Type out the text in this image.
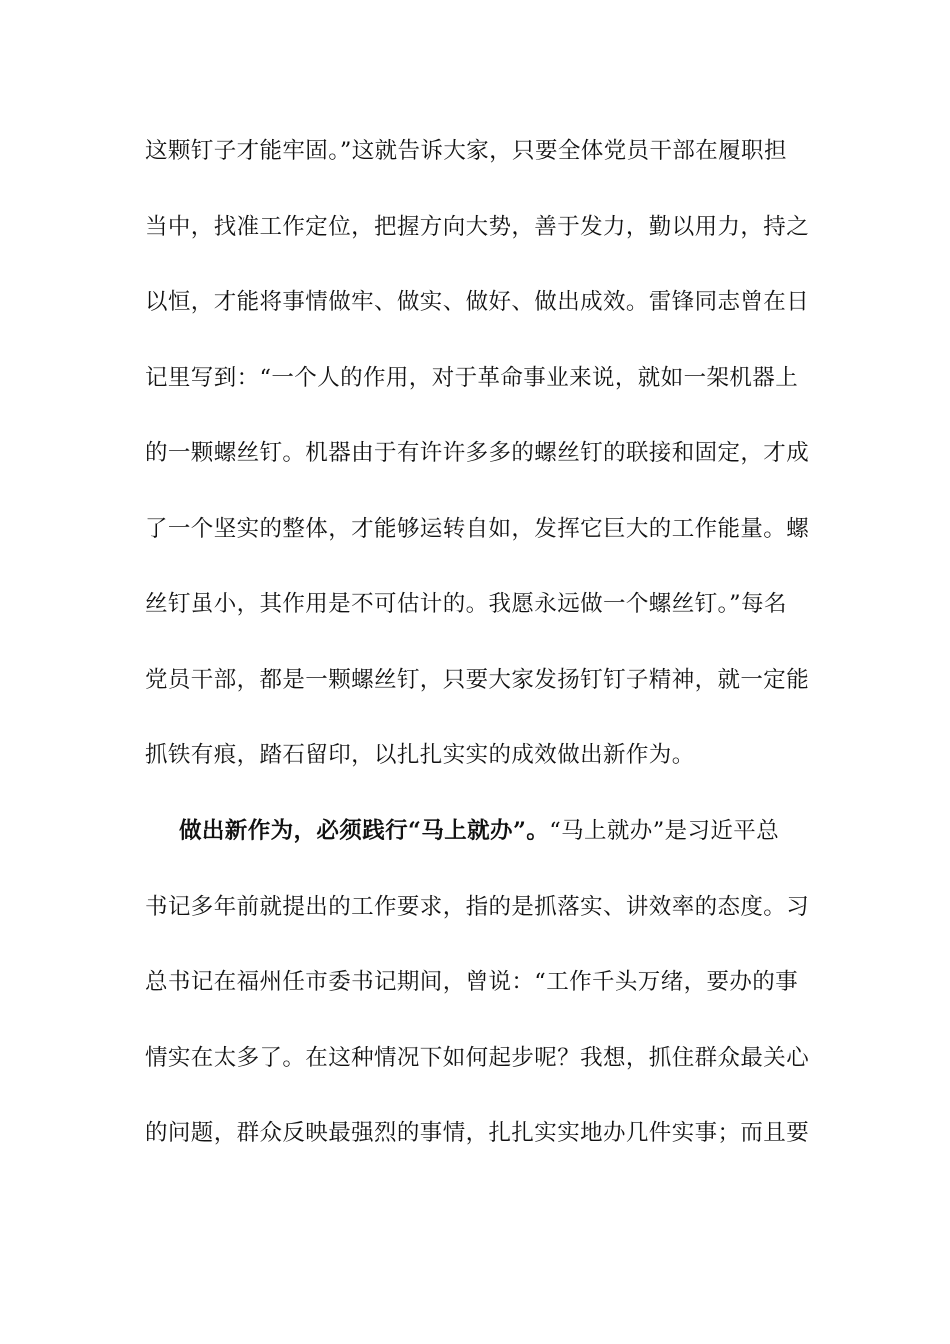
这颗钉子才能牢固。”这就告诉大家，只要全体党员干部在履职担
当中，找准工作定位，把握方向大势，善于发力，勤以用力，持之
以恒，才能将事情做牢、做实、做好、做出成效。雷锋同志曾在日
记里写到：“一个人的作用，对于革命事业来说，就如一架机器上
的一颗螺丝钉。机器由于有许许多多的螺丝钉的联接和固定，才成
了一个坚实的整体，才能够运转自如，发挥它巨大的工作能量。螺
丝钉虽小，其作用是不可估计的。我愿永远做一个螺丝钉。”每名
党员干部，都是一颗螺丝钉，只要大家发扬钉钉子精神，就一定能
抓铁有痕，踏石留印，以扎扎实实的成效做出新作为。
做出新作为，必须践行“马上就办”。“马上就办”是习近平总
书记多年前就提出的工作要求，指的是抓落实、讲效率的态度。习
总书记在福州任市委书记期间，曾说：“工作千头万绪，要办的事
情实在太多了。在这种情况下如何起步呢？我想，抓住群众最关心
的问题，群众反映最强烈的事情，扎扎实实地办几件实事；而且要
